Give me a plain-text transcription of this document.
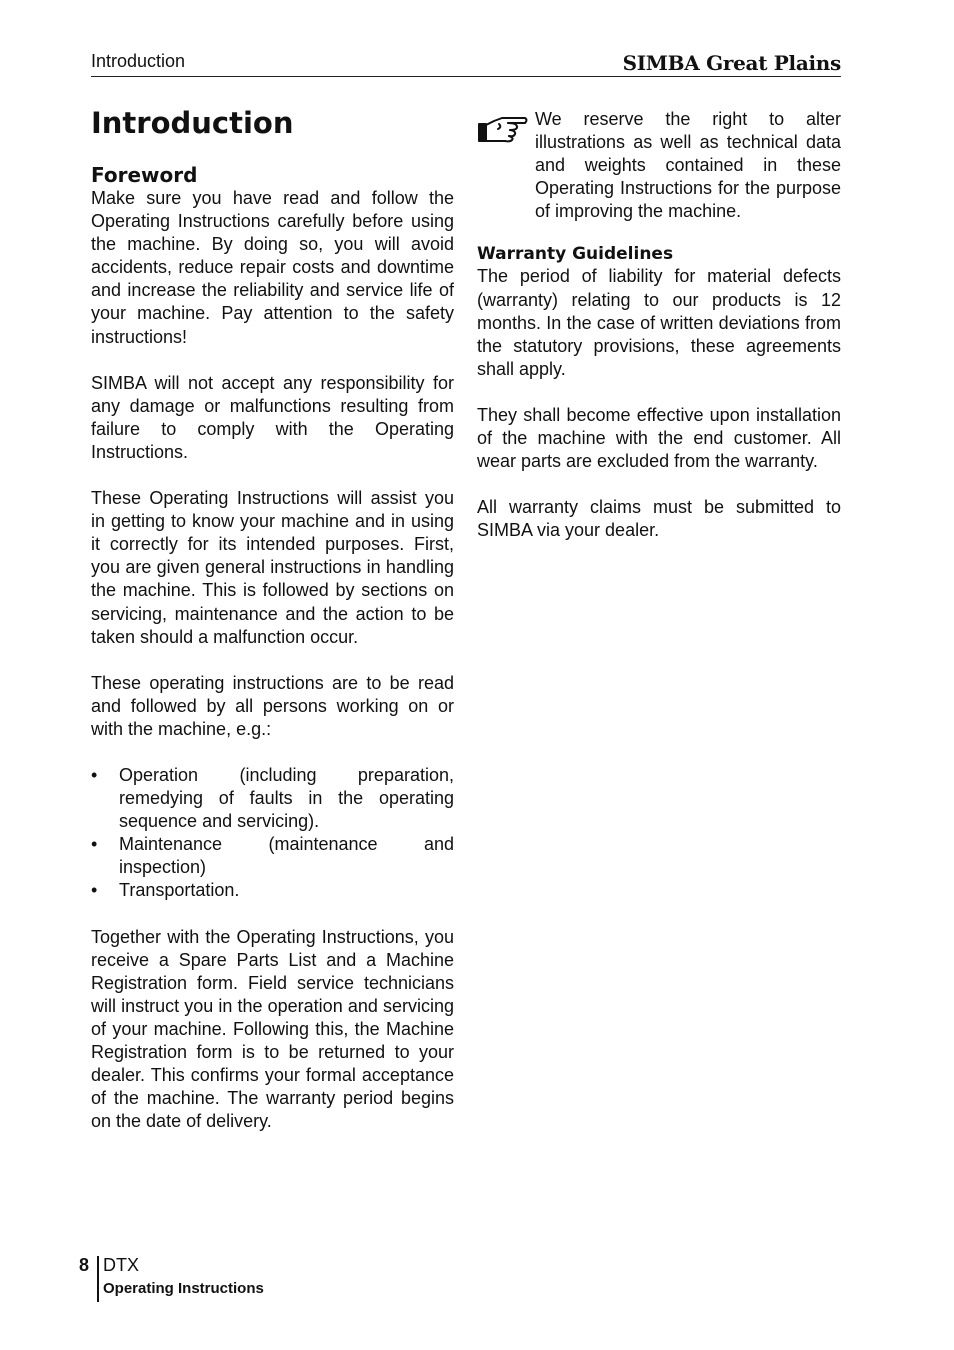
Introduction	SIMBA Great Plains
Introduction
Foreword

Make sure you have read and follow the Operating Instructions carefully before using the machine. By doing so, you will avoid accidents, reduce repair costs and downtime and increase the reliability and service life of your machine. Pay attention to the safety instructions!

SIMBA will not accept any responsibility for any damage or malfunctions resulting from failure to comply with the Operating Instructions.

These Operating Instructions will assist you in getting to know your machine and in using it correctly for its intended purposes. First, you are given general instructions in handling the machine. This is followed by sections on servicing, maintenance and the action to be taken should a malfunction occur.

These operating instructions are to be read and followed by all persons working on or with the machine, e.g.:

• Operation (including preparation, remedying of faults in the operating sequence and servicing).
• Maintenance (maintenance and inspection)
• Transportation.

Together with the Operating Instructions, you receive a Spare Parts List and a Machine Registration form. Field service technicians will instruct you in the operation and servicing of your machine. Following this, the Machine Registration form is to be returned to your dealer. This confirms your formal acceptance of the machine. The warranty period begins on the date of delivery.

We reserve the right to alter illustrations as well as technical data and weights contained in these Operating Instructions for the purpose of improving the machine.

Warranty Guidelines

The period of liability for material defects (warranty) relating to our products is 12 months. In the case of written deviations from the statutory provisions, these agreements shall apply.

They shall become effective upon installation of the machine with the end customer. All wear parts are excluded from the warranty.

All warranty claims must be submitted to SIMBA via your dealer.

8 DTX
Operating Instructions
